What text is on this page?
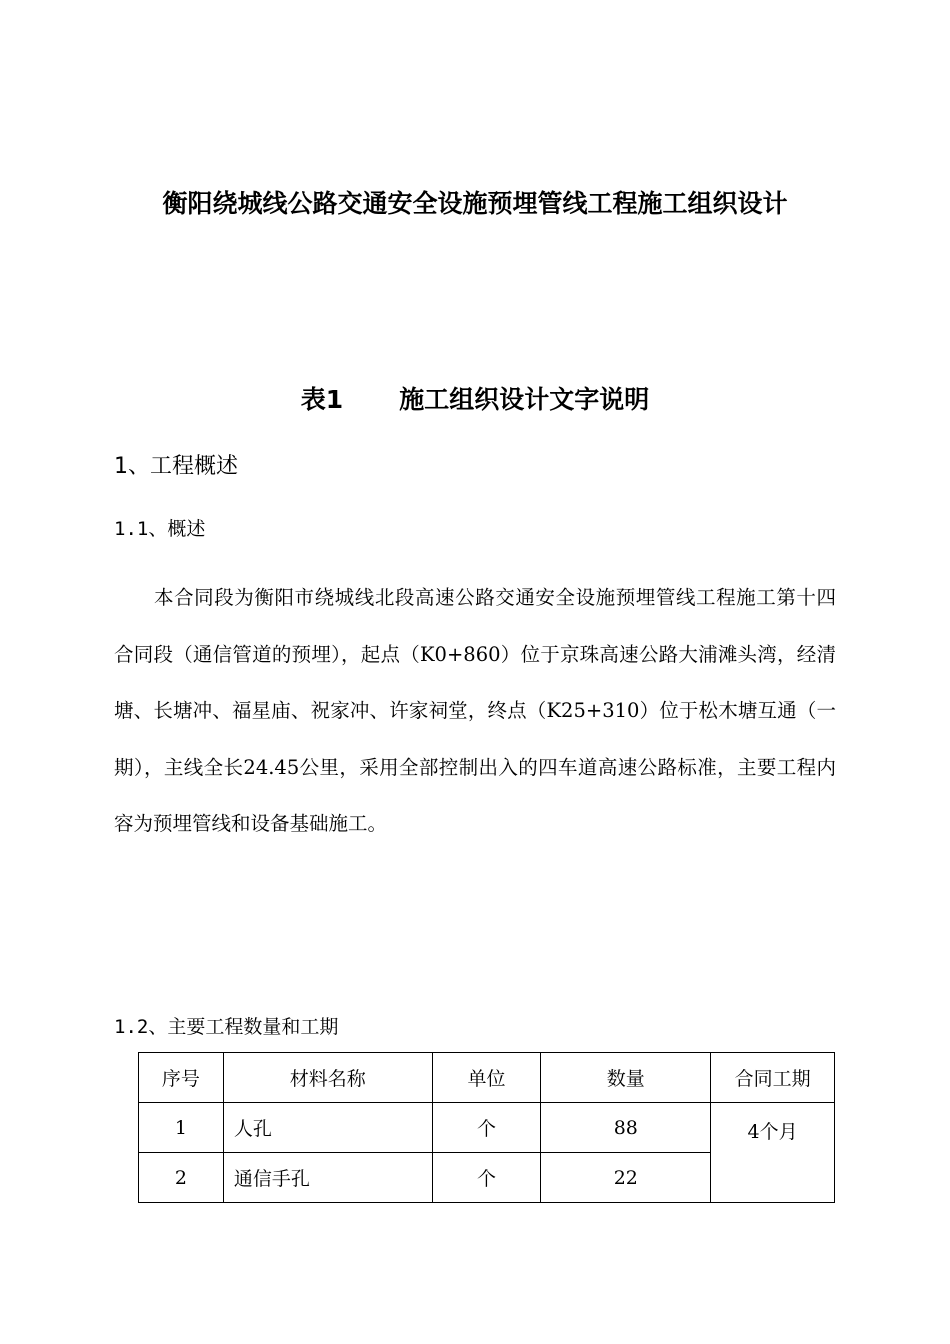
衡阳绕城线公路交通安全设施预埋管线工程施工组织设计
表1 施工组织设计文字说明
1、工程概述
1.1、概述

本合同段为衡阳市绕城线北段高速公路交通安全设施预埋管线工程施工第十四合同段（通信管道的预埋），起点（K0+860）位于京珠高速公路大浦滩头湾，经清塘、长塘冲、福星庙、祝家冲、许家祠堂，终点（K25+310）位于松木塘互通（一期），主线全长24.45公里，采用全部控制出入的四车道高速公路标准，主要工程内容为预埋管线和设备基础施工。

1.2、主要工程数量和工期
序号	材料名称	单位	数量	合同工期
1	人孔	个	88	4个月
2	通信手孔	个	22	
